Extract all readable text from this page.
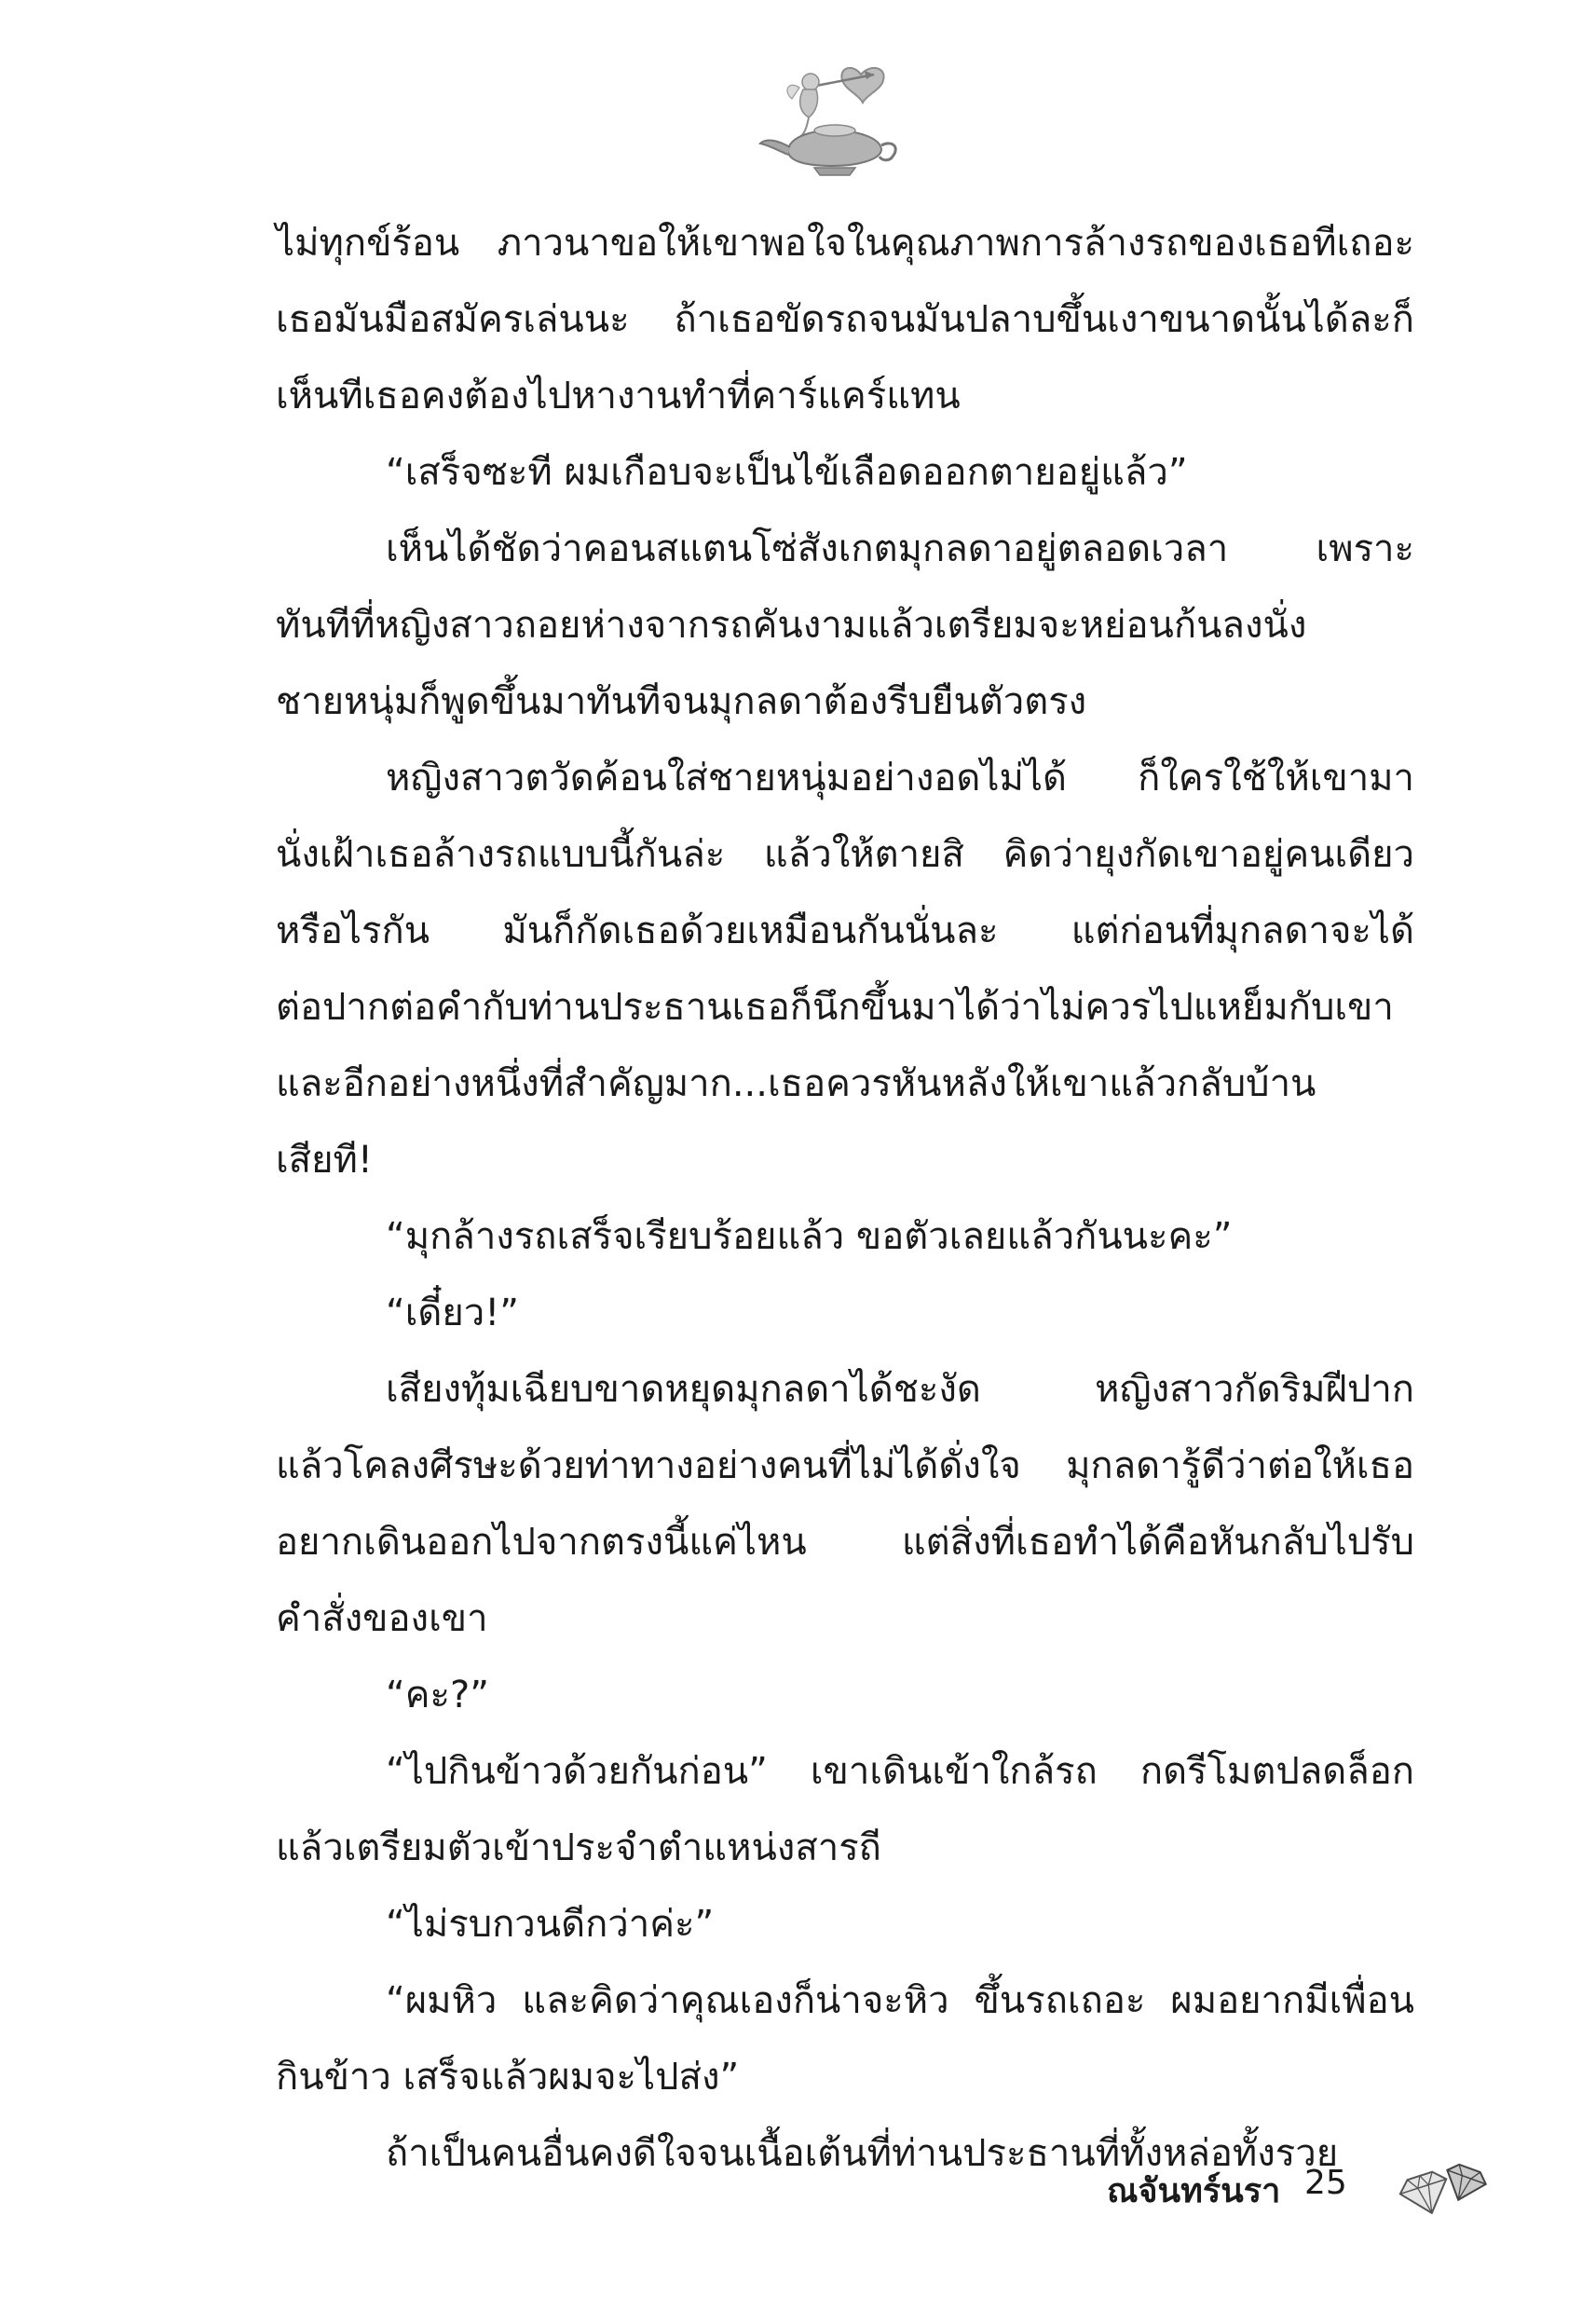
ไม่ทุกข์ร้อน ภาวนาขอให้เขาพอใจในคุณภาพการล้างรถของเธอทีเถอะ
เธอมันมือสมัครเล่นนะ ถ้าเธอขัดรถจนมันปลาบขึ้นเงาขนาดนั้นได้ละก็
เห็นทีเธอคงต้องไปหางานทำที่คาร์แคร์แทน
“เสร็จซะที ผมเกือบจะเป็นไข้เลือดออกตายอยู่แล้ว”
เห็นได้ชัดว่าคอนสแตนโซ่สังเกตมุกลดาอยู่ตลอดเวลา เพราะ
ทันทีที่หญิงสาวถอยห่างจากรถคันงามแล้วเตรียมจะหย่อนก้นลงนั่ง
ชายหนุ่มก็พูดขึ้นมาทันทีจนมุกลดาต้องรีบยืนตัวตรง
หญิงสาวตวัดค้อนใส่ชายหนุ่มอย่างอดไม่ได้ ก็ใครใช้ให้เขามา
นั่งเฝ้าเธอล้างรถแบบนี้กันล่ะ แล้วให้ตายสิ คิดว่ายุงกัดเขาอยู่คนเดียว
หรือไรกัน มันก็กัดเธอด้วยเหมือนกันนั่นละ แต่ก่อนที่มุกลดาจะได้
ต่อปากต่อคำกับท่านประธานเธอก็นึกขึ้นมาได้ว่าไม่ควรไปแหย็มกับเขา
และอีกอย่างหนึ่งที่สำคัญมาก...เธอควรหันหลังให้เขาแล้วกลับบ้าน
เสียที!
“มุกล้างรถเสร็จเรียบร้อยแล้ว ขอตัวเลยแล้วกันนะคะ”
“เดี๋ยว!”
เสียงทุ้มเฉียบขาดหยุดมุกลดาได้ชะงัด หญิงสาวกัดริมฝีปาก
แล้วโคลงศีรษะด้วยท่าทางอย่างคนที่ไม่ได้ดั่งใจ มุกลดารู้ดีว่าต่อให้เธอ
อยากเดินออกไปจากตรงนี้แค่ไหน แต่สิ่งที่เธอทำได้คือหันกลับไปรับ
คำสั่งของเขา
“คะ?”
“ไปกินข้าวด้วยกันก่อน” เขาเดินเข้าใกล้รถ กดรีโมตปลดล็อก
แล้วเตรียมตัวเข้าประจำตำแหน่งสารถี
“ไม่รบกวนดีกว่าค่ะ”
“ผมหิว และคิดว่าคุณเองก็น่าจะหิว ขึ้นรถเถอะ ผมอยากมีเพื่อน
กินข้าว เสร็จแล้วผมจะไปส่ง”
ถ้าเป็นคนอื่นคงดีใจจนเนื้อเต้นที่ท่านประธานที่ทั้งหล่อทั้งรวย
ณจันทร์นรา 25
